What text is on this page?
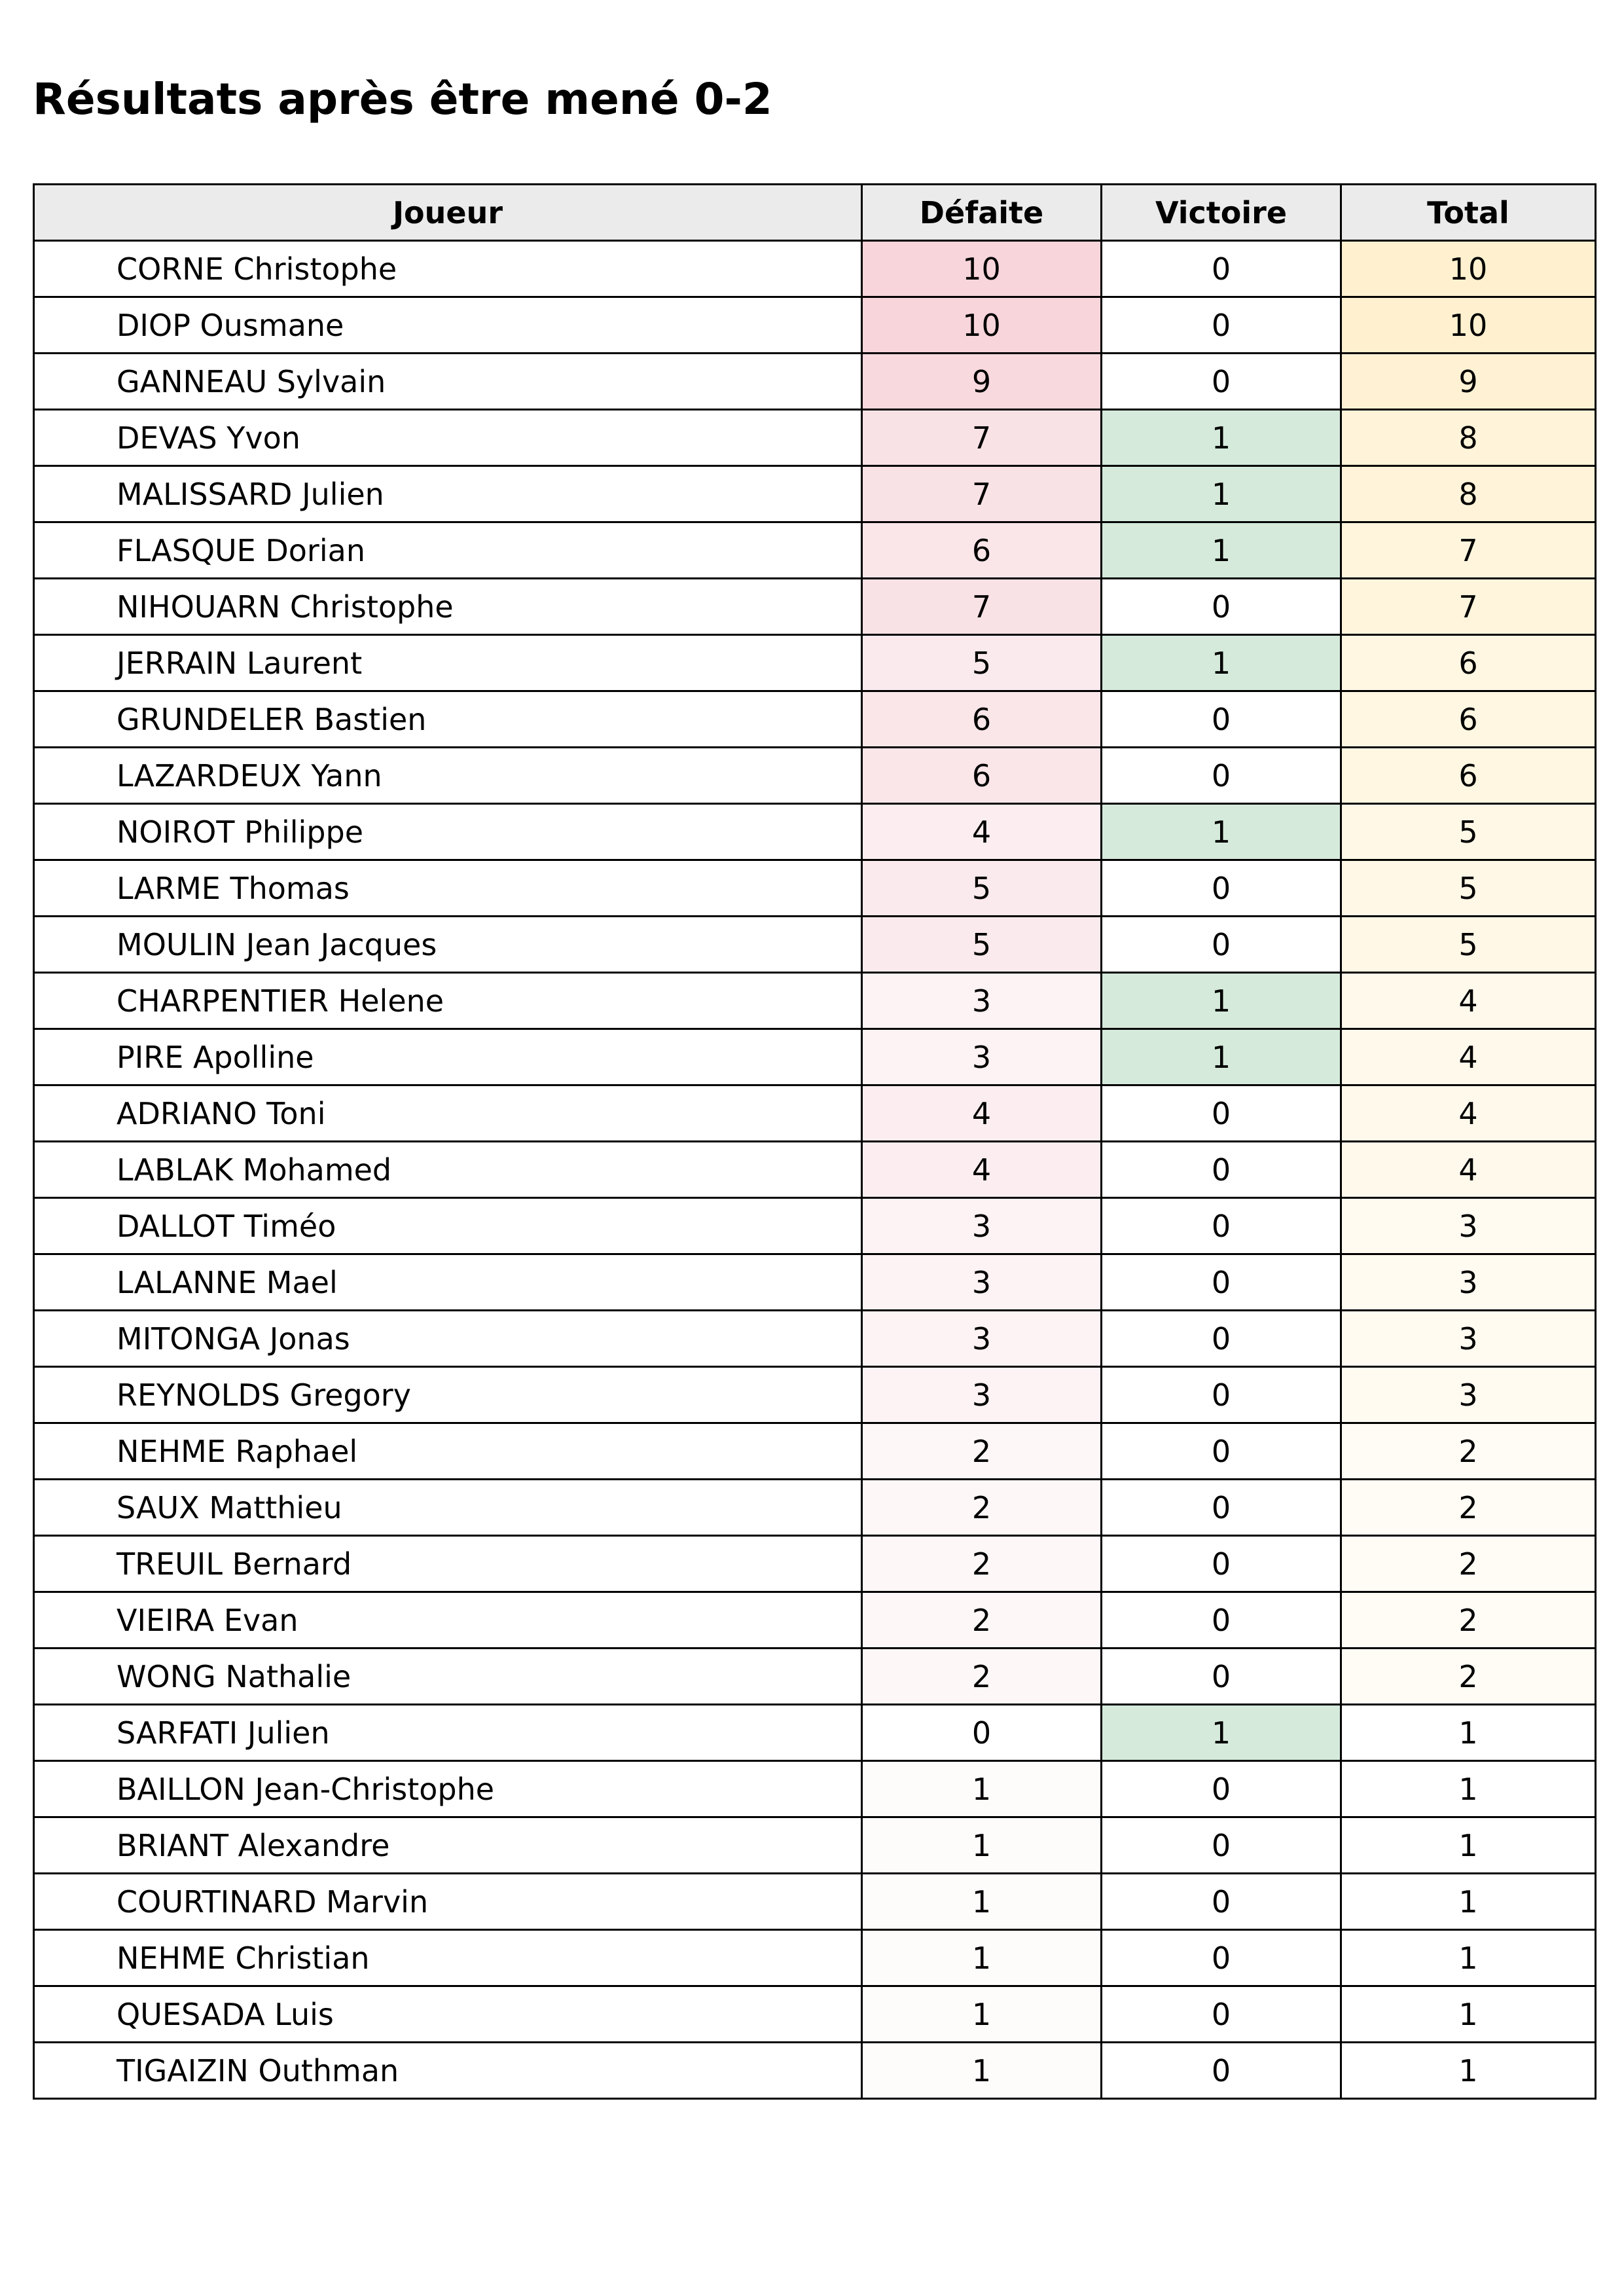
Résultats après être mené 0-2
Joueur	Défaite	Victoire	Total
CORNE Christophe	10	0	10
DIOP Ousmane	10	0	10
GANNEAU Sylvain	9	0	9
DEVAS Yvon	7	1	8
MALISSARD Julien	7	1	8
FLASQUE Dorian	6	1	7
NIHOUARN Christophe	7	0	7
JERRAIN Laurent	5	1	6
GRUNDELER Bastien	6	0	6
LAZARDEUX Yann	6	0	6
NOIROT Philippe	4	1	5
LARME Thomas	5	0	5
MOULIN Jean Jacques	5	0	5
CHARPENTIER Helene	3	1	4
PIRE Apolline	3	1	4
ADRIANO Toni	4	0	4
LABLAK Mohamed	4	0	4
DALLOT Timéo	3	0	3
LALANNE Mael	3	0	3
MITONGA Jonas	3	0	3
REYNOLDS Gregory	3	0	3
NEHME Raphael	2	0	2
SAUX Matthieu	2	0	2
TREUIL Bernard	2	0	2
VIEIRA Evan	2	0	2
WONG Nathalie	2	0	2
SARFATI Julien	0	1	1
BAILLON Jean-Christophe	1	0	1
BRIANT Alexandre	1	0	1
COURTINARD Marvin	1	0	1
NEHME Christian	1	0	1
QUESADA Luis	1	0	1
TIGAIZIN Outhman	1	0	1
